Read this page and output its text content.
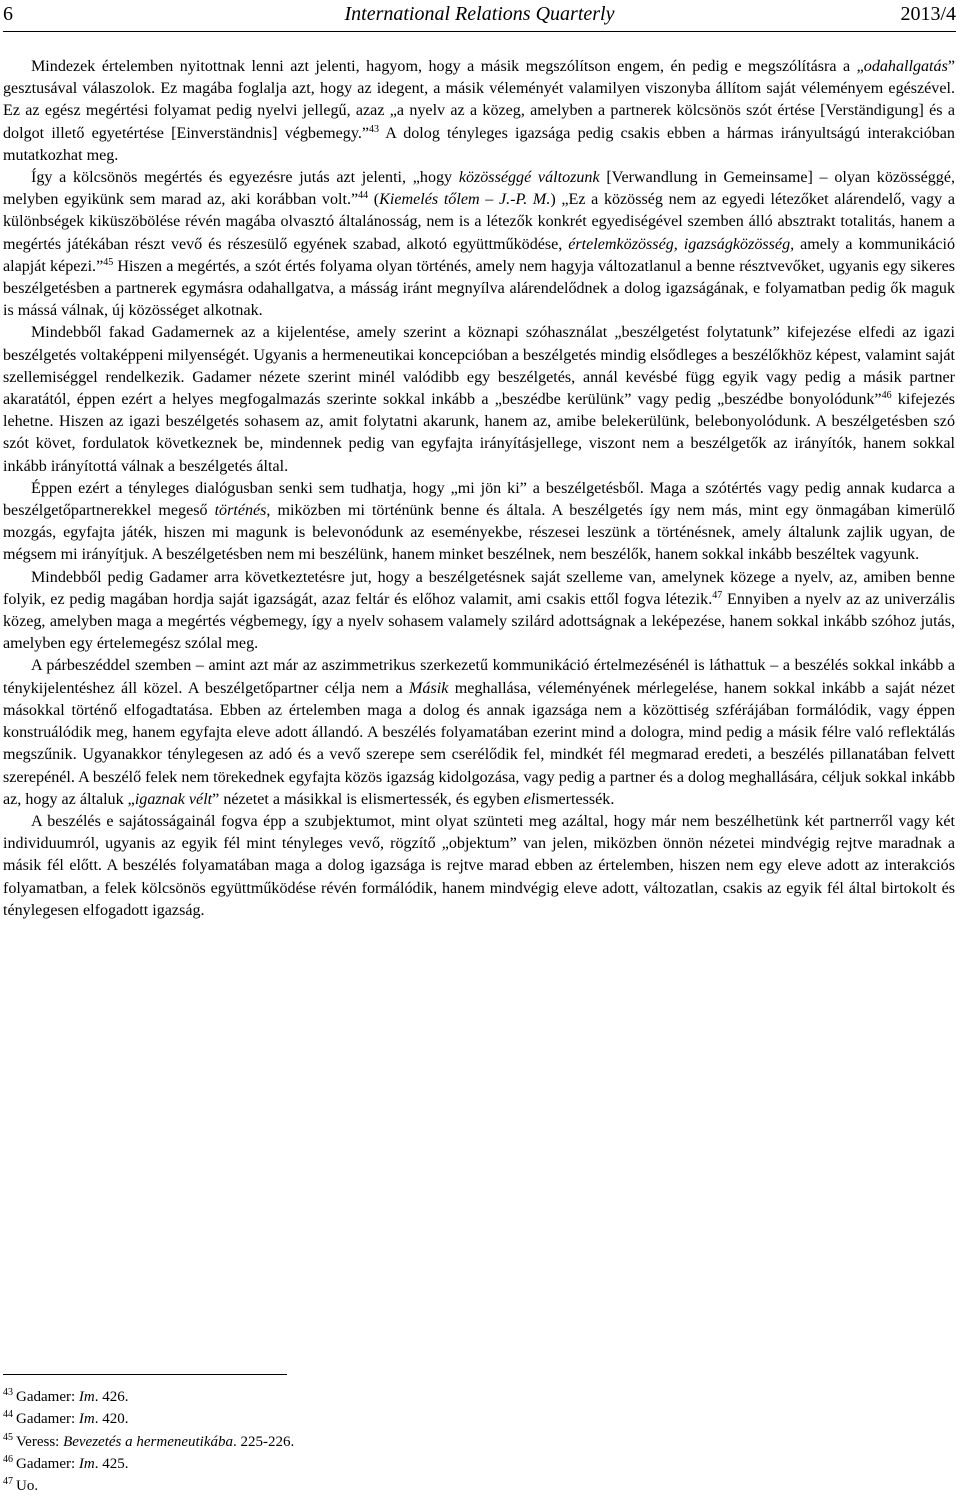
6	International Relations Quarterly	2013/4

Mindezek értelemben nyitottnak lenni azt jelenti, hagyom, hogy a másik megszólítson engem, én pedig e megszólításra a „odahallgatás” gesztusával válaszolok. Ez magába foglalja azt, hogy az idegent, a másik véleményét valamilyen viszonyba állítom saját véleményem egészével. Ez az egész megértési folyamat pedig nyelvi jellegű, azaz „a nyelv az a közeg, amelyben a partnerek kölcsönös szót értése [Verständigung] és a dolgot illető egyetértése [Einverständnis] végbemegy.”$^{43}$ A dolog tényleges igazsága pedig csakis ebben a hármas irányultságú interakcióban mutatkozhat meg.

Így a kölcsönös megértés és egyezésre jutás azt jelenti, „hogy közösséggé változunk [Verwandlung in Gemeinsame] – olyan közösséggé, melyben egyikünk sem marad az, aki korábban volt.”$^{44}$ (Kiemelés tőlem – J.-P. M.) „Ez a közösség nem az egyedi létezőket alárendelő, vagy a különbségek kiküszöbölése révén magába olvasztó általánosság, nem is a létezők konkrét egyediségével szemben álló absztrakt totalitás, hanem a megértés játékában részt vevő és részesülő egyének szabad, alkotó együttműködése, értelemközösség, igazságközösség, amely a kommunikáció alapját képezi.”$^{45}$ Hiszen a megértés, a szót értés folyama olyan történés, amely nem hagyja változatlanul a benne résztvevőket, ugyanis egy sikeres beszélgetésben a partnerek egymásra odahallgatva, a másság iránt megnyílva alárendelődnek a dolog igazságának, e folyamatban pedig ők maguk is mássá válnak, új közösséget alkotnak.

Mindebből fakad Gadamernek az a kijelentése, amely szerint a köznapi szóhasználat „beszélgetést folytatunk” kifejezése elfedi az igazi beszélgetés voltaképpeni milyenségét. Ugyanis a hermeneutikai koncepcióban a beszélgetés mindig elsődleges a beszélőkhöz képest, valamint saját szellemiséggel rendelkezik. Gadamer nézete szerint minél valódibb egy beszélgetés, annál kevésbé függ egyik vagy pedig a másik partner akaratától, éppen ezért a helyes megfogalmazás szerinte sokkal inkább a „beszédbe kerülünk” vagy pedig „beszédbe bonyolódunk”$^{46}$ kifejezés lehetne. Hiszen az igazi beszélgetés sohasem az, amit folytatni akarunk, hanem az, amibe belekerülünk, belebonyolódunk. A beszélgetésben szó szót követ, fordulatok következnek be, mindennek pedig van egyfajta irányításjellege, viszont nem a beszélgetők az irányítók, hanem sokkal inkább irányítottá válnak a beszélgetés által.

Éppen ezért a tényleges dialógusban senki sem tudhatja, hogy „mi jön ki” a beszélgetésből. Maga a szótértés vagy pedig annak kudarca a beszélgetőpartnerekkel megeső történés, miközben mi történünk benne és általa. A beszélgetés így nem más, mint egy önmagában kimerülő mozgás, egyfajta játék, hiszen mi magunk is belevonódunk az eseményekbe, részesei leszünk a történésnek, amely általunk zajlik ugyan, de mégsem mi irányítjuk. A beszélgetésben nem mi beszélünk, hanem minket beszélnek, nem beszélők, hanem sokkal inkább beszéltek vagyunk.

Mindebből pedig Gadamer arra következtetésre jut, hogy a beszélgetésnek saját szelleme van, amelynek közege a nyelv, az, amiben benne folyik, ez pedig magában hordja saját igazságát, azaz feltár és előhoz valamit, ami csakis ettől fogva létezik.$^{47}$ Ennyiben a nyelv az az univerzális közeg, amelyben maga a megértés végbemegy, így a nyelv sohasem valamely szilárd adottságnak a leképezése, hanem sokkal inkább szóhoz jutás, amelyben egy értelemegész szólal meg.

A párbeszéddel szemben – amint azt már az aszimmetrikus szerkezetű kommunikáció értelmezésénél is láthattuk – a beszélés sokkal inkább a ténykijelentéshez áll közel. A beszélgetőpartner célja nem a Másik meghallása, véleményének mérlegelése, hanem sokkal inkább a saját nézet másokkal történő elfogadtatása. Ebben az értelemben maga a dolog és annak igazsága nem a közöttiség szférájában formálódik, vagy éppen konstruálódik meg, hanem egyfajta eleve adott állandó. A beszélés folyamatában ezerint mind a dologra, mind pedig a másik félre való reflektálás megszűnik. Ugyanakkor ténylegesen az adó és a vevő szerepe sem cserélődik fel, mindkét fél megmarad eredeti, a beszélés pillanatában felvett szerepénél. A beszélő felek nem törekednek egyfajta közös igazság kidolgozása, vagy pedig a partner és a dolog meghallására, céljuk sokkal inkább az, hogy az általuk „igaznak vélt” nézetet a másikkal is elismertessék, és egyben elismertessék.

A beszélés e sajátosságainál fogva épp a szubjektumot, mint olyat szünteti meg azáltal, hogy már nem beszélhetünk két partnerről vagy két individuumról, ugyanis az egyik fél mint tényleges vevő, rögzítő „objektum” van jelen, miközben önnön nézetei mindvégig rejtve maradnak a másik fél előtt. A beszélés folyamatában maga a dolog igazsága is rejtve marad ebben az értelemben, hiszen nem egy eleve adott az interakciós folyamatban, a felek kölcsönös együttműködése révén formálódik, hanem mindvégig eleve adott, változatlan, csakis az egyik fél által birtokolt és ténylegesen elfogadott igazság.

$^{43}$ Gadamer: Im. 426.
$^{44}$ Gadamer: Im. 420.
$^{45}$ Veress: Bevezetés a hermeneutikába. 225-226.
$^{46}$ Gadamer: Im. 425.
$^{47}$ Uo.
